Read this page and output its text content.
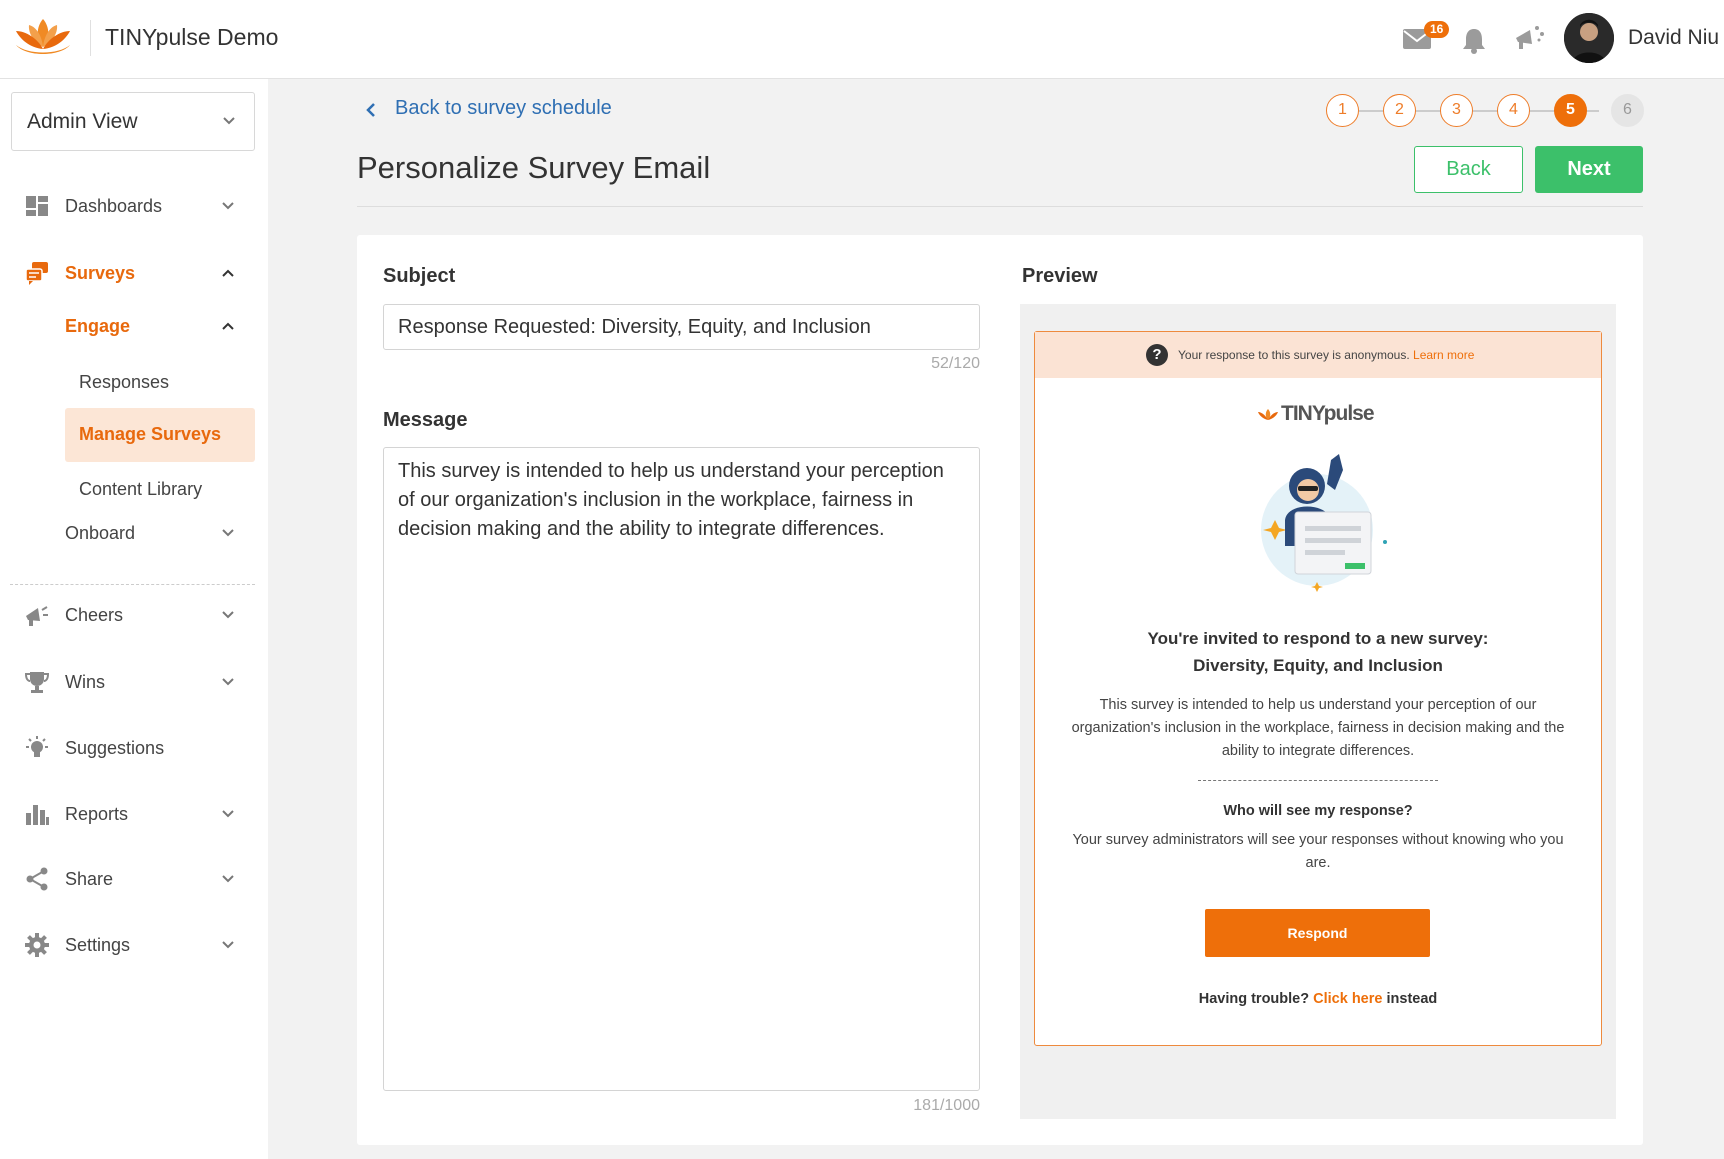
TINYpulse Demo	16	David Niu
Admin View
Dashboards
Surveys
Engage
Responses
Manage Surveys
Content Library
Onboard
Cheers
Wins
Suggestions
Reports
Share
Settings
Back to survey schedule
Personalize Survey Email
1	2	3	4	5	6
Back	Next
Subject
Response Requested: Diversity, Equity, and Inclusion
52/120
Message
This survey is intended to help us understand your perception of our organization's inclusion in the workplace, fairness in decision making and the ability to integrate differences.
181/1000
Preview
?	Your response to this survey is anonymous. Learn more
TINYpulse
You're invited to respond to a new survey:
Diversity, Equity, and Inclusion
This survey is intended to help us understand your perception of our organization's inclusion in the workplace, fairness in decision making and the ability to integrate differences.
Who will see my response?
Your survey administrators will see your responses without knowing who you are.
Respond
Having trouble? Click here instead
